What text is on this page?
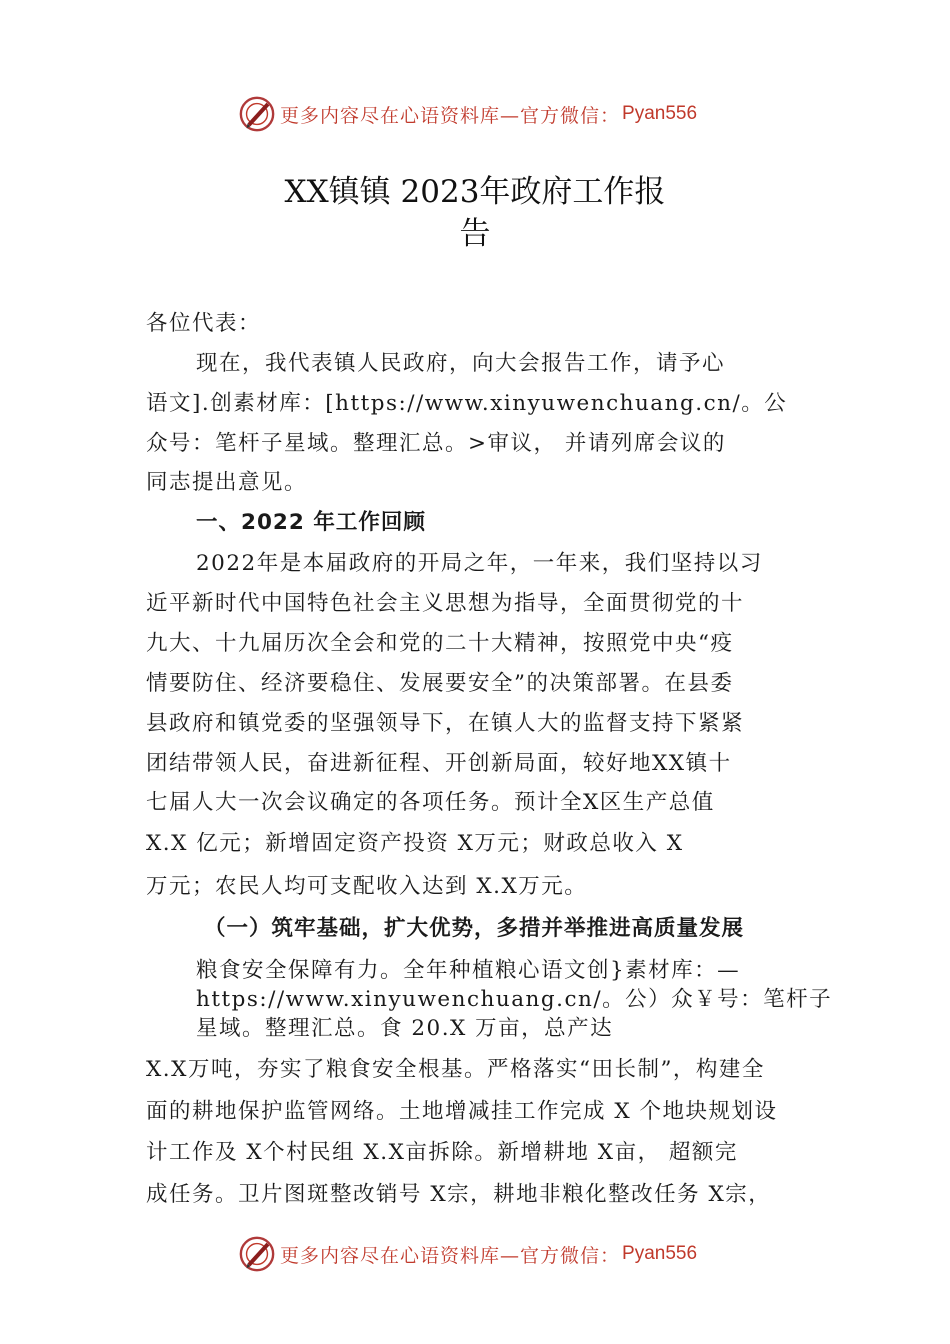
更多内容尽在心语资料库—官方微信： Pyan556
XX镇镇 2023年政府工作报
告
各位代表：
现在，我代表镇人民政府，向大会报告工作，请予心
语文].创素材库：[https://www.xinyuwenchuang.cn/。公
众号：笔杆子星域。整理汇总。>审议， 并请列席会议的
同志提出意见。
一、2022 年工作回顾
2022年是本届政府的开局之年，一年来，我们坚持以习
近平新时代中国特色社会主义思想为指导，全面贯彻党的十
九大、十九届历次全会和党的二十大精神，按照党中央“疫
情要防住、经济要稳住、发展要安全”的决策部署。在县委
县政府和镇党委的坚强领导下，在镇人大的监督支持下紧紧
团结带领人民，奋进新征程、开创新局面，较好地XX镇十
七届人大一次会议确定的各项任务。预计全X区生产总值
X.X 亿元；新增固定资产投资 X万元；财政总收入 X
万元；农民人均可支配收入达到 X.X万元。
（一）筑牢基础，扩大优势，多措并举推进高质量发展
粮食安全保障有力。全年种植粮心语文创}素材库：—
https://www.xinyuwenchuang.cn/。公）众￥号：笔杆子
星域。整理汇总。食 20.X 万亩，总产达
X.X万吨，夯实了粮食安全根基。严格落实“田长制”，构建全
面的耕地保护监管网络。土地增减挂工作完成 X 个地块规划设
计工作及 X个村民组 X.X亩拆除。新增耕地 X亩， 超额完
成任务。卫片图斑整改销号 X宗，耕地非粮化整改任务 X宗，
更多内容尽在心语资料库—官方微信： Pyan556
